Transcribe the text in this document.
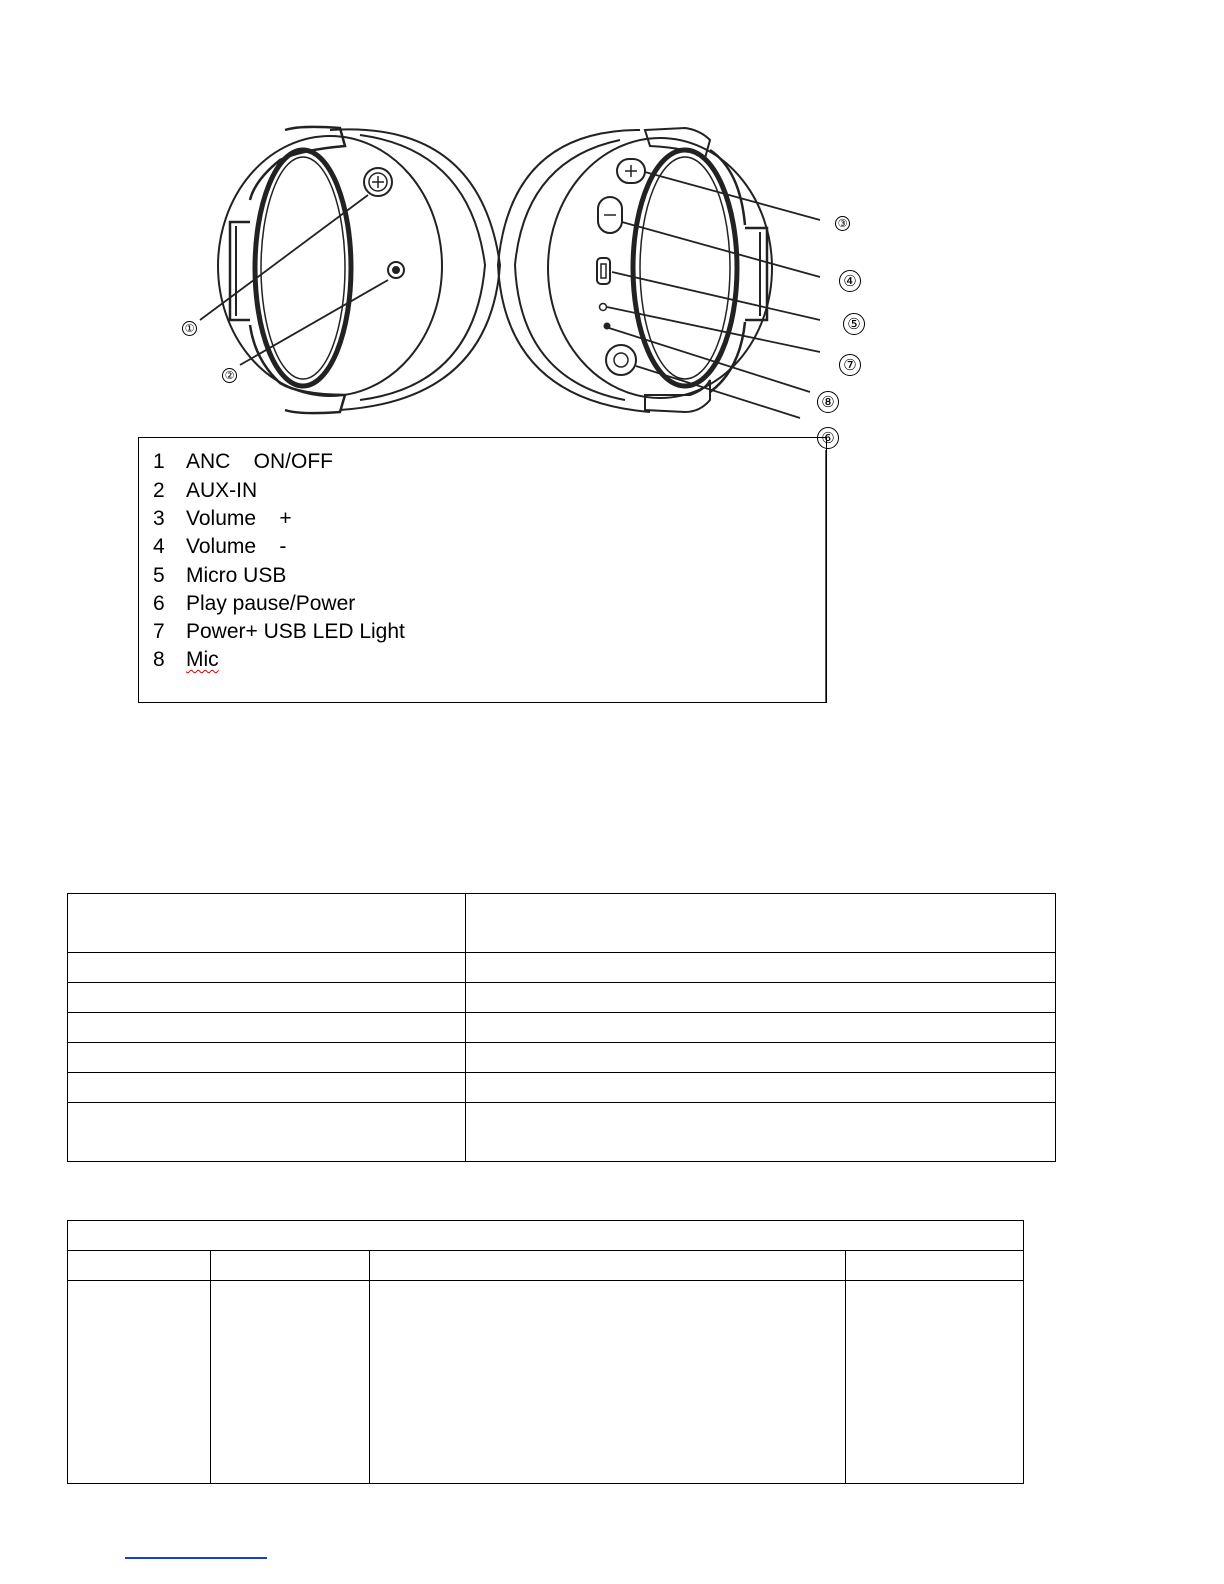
①
②
③
④
⑤
⑦
⑧
⑥
1 ANC    ON/OFF
2 AUX-IN
3 Volume    +
4 Volume    -
5 Micro USB
6 Play pause/Power
7 Power+ USB LED Light
8 Mic
